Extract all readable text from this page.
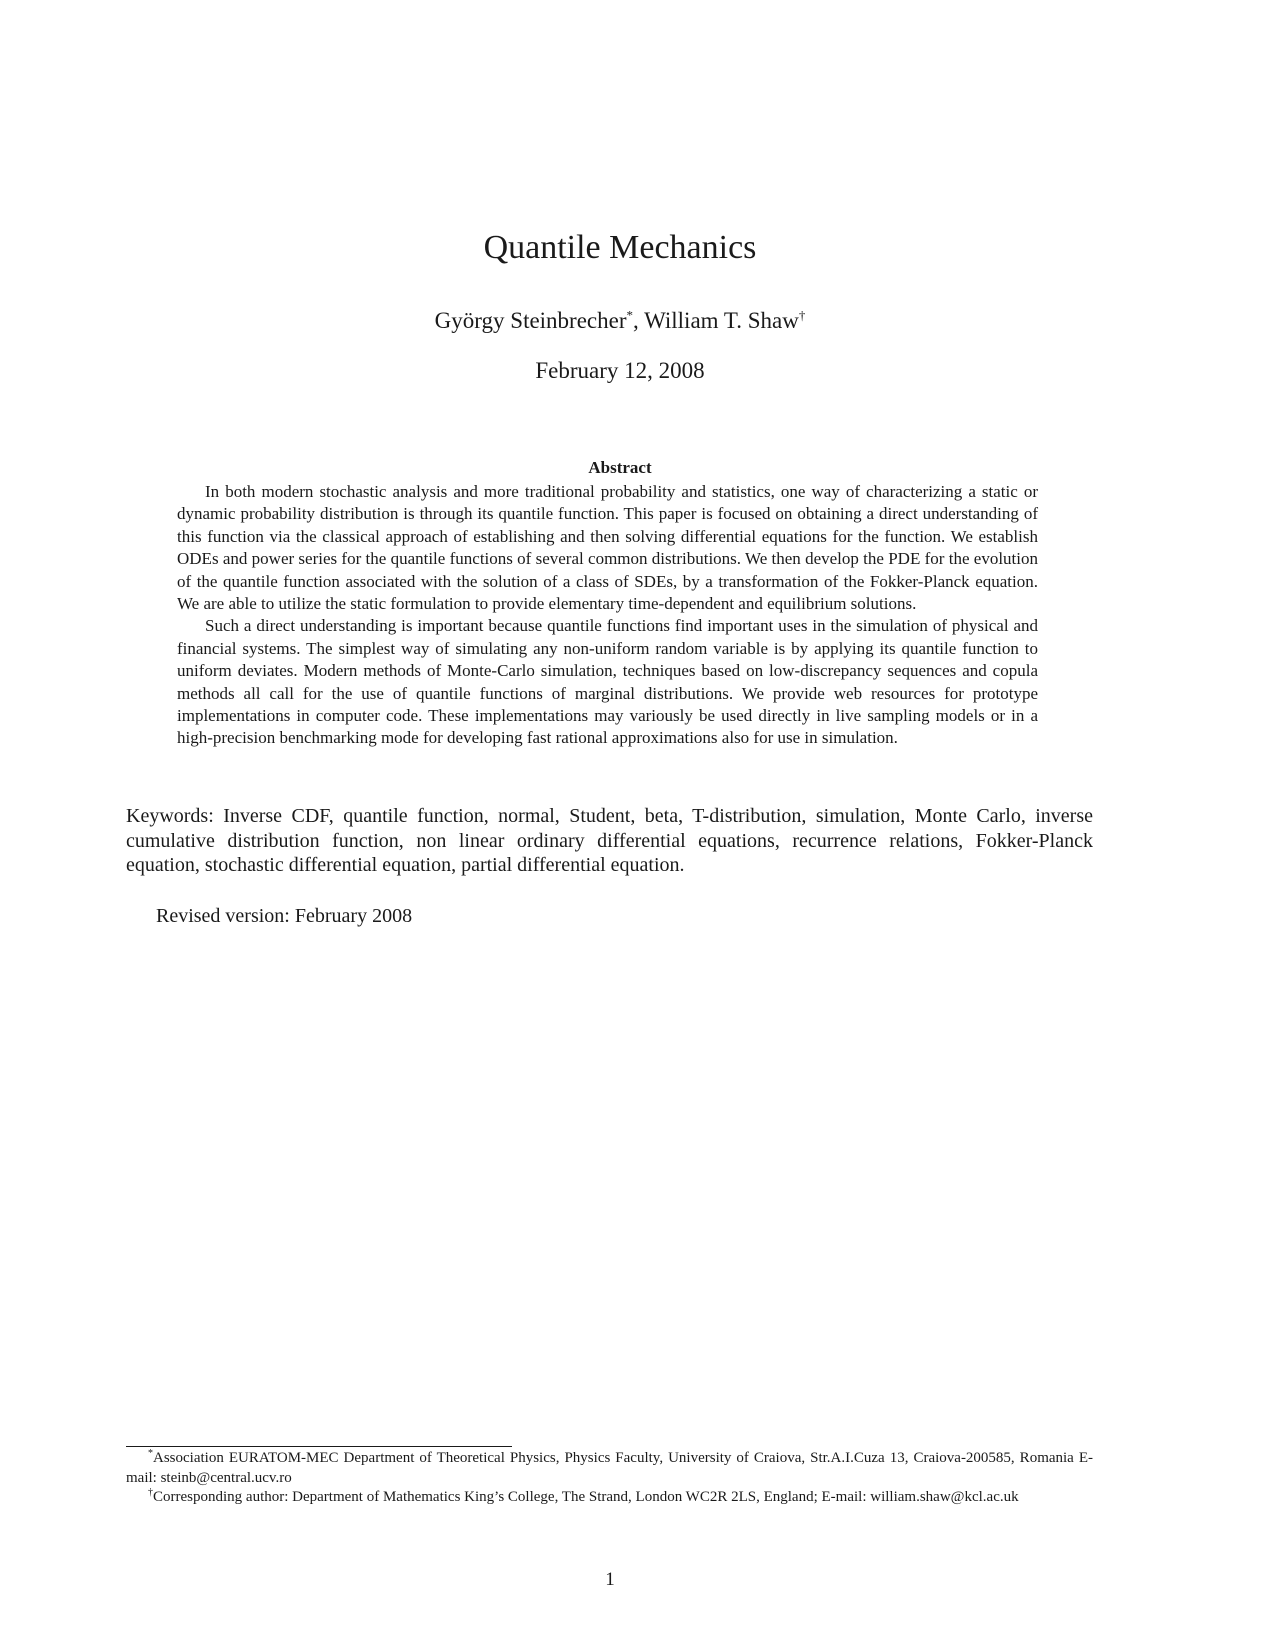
Quantile Mechanics
György Steinbrecher*, William T. Shaw†
February 12, 2008
Abstract

In both modern stochastic analysis and more traditional probability and statistics, one way of characterizing a static or dynamic probability distribution is through its quantile function. This paper is focused on obtaining a direct understanding of this function via the classical approach of establishing and then solving differential equations for the function. We establish ODEs and power series for the quantile functions of several common distributions. We then develop the PDE for the evolution of the quantile function associated with the solution of a class of SDEs, by a transformation of the Fokker-Planck equation. We are able to utilize the static formulation to provide elementary time-dependent and equilibrium solutions.

Such a direct understanding is important because quantile functions find important uses in the simulation of physical and financial systems. The simplest way of simulating any non-uniform random variable is by applying its quantile function to uniform deviates. Modern methods of Monte-Carlo simulation, techniques based on low-discrepancy sequences and copula methods all call for the use of quantile functions of marginal distributions. We provide web resources for prototype implementations in computer code. These implementations may variously be used directly in live sampling models or in a high-precision benchmarking mode for developing fast rational approximations also for use in simulation.

Keywords: Inverse CDF, quantile function, normal, Student, beta, T-distribution, simulation, Monte Carlo, inverse cumulative distribution function, non linear ordinary differential equations, recurrence relations, Fokker-Planck equation, stochastic differential equation, partial differential equation.
Revised version: February 2008

*Association EURATOM-MEC Department of Theoretical Physics, Physics Faculty, University of Craiova, Str.A.I.Cuza 13, Craiova-200585, Romania E-mail: steinb@central.ucv.ro

†Corresponding author: Department of Mathematics King’s College, The Strand, London WC2R 2LS, England; E-mail: william.shaw@kcl.ac.uk

1
